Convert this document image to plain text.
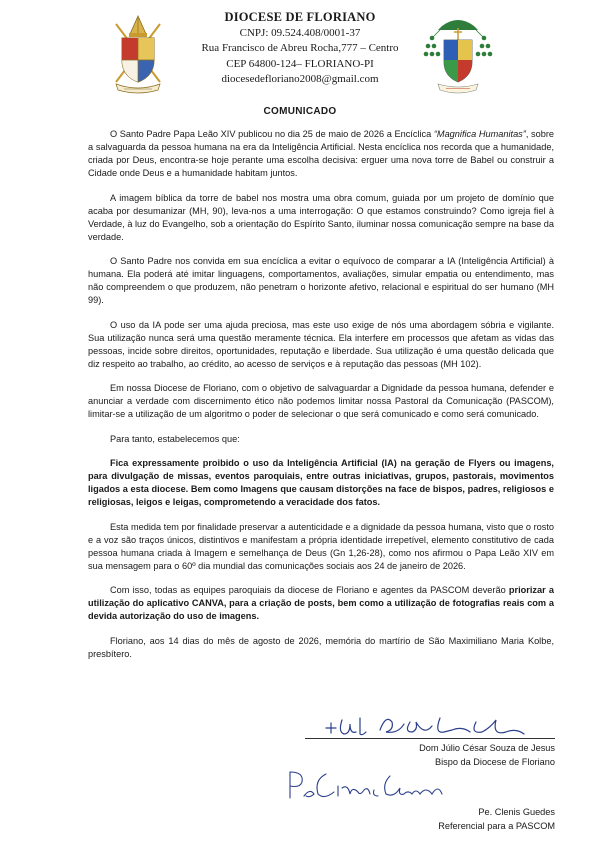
DIOCESE DE FLORIANO
CNPJ: 09.524.408/0001-37
Rua Francisco de Abreu Rocha,777 – Centro
CEP 64800-124– FLORIANO-PI
diocesedefloriano2008@gmail.com
COMUNICADO

O Santo Padre Papa Leão XIV publicou no dia 25 de maio de 2026 a Encíclica “Magnifica Humanitas”, sobre a salvaguarda da pessoa humana na era da Inteligência Artificial. Nesta encíclica nos recorda que a humanidade, criada por Deus, encontra-se hoje perante uma escolha decisiva: erguer uma nova torre de Babel ou construir a Cidade onde Deus e a humanidade habitam juntos.

A imagem bíblica da torre de babel nos mostra uma obra comum, guiada por um projeto de domínio que acaba por desumanizar (MH, 90), leva-nos a uma interrogação: O que estamos construindo? Como igreja fiel à Verdade, à luz do Evangelho, sob a orientação do Espírito Santo, iluminar nossa comunicação sempre na base da verdade.

O Santo Padre nos convida em sua encíclica a evitar o equívoco de comparar a IA (Inteligência Artificial) à humana. Ela poderá até imitar linguagens, comportamentos, avaliações, simular empatia ou entendimento, mas não compreendem o que produzem, não penetram o horizonte afetivo, relacional e espiritual do ser humano (MH 99).

O uso da IA pode ser uma ajuda preciosa, mas este uso exige de nós uma abordagem sóbria e vigilante. Sua utilização nunca será uma questão meramente técnica. Ela interfere em processos que afetam as vidas das pessoas, incide sobre direitos, oportunidades, reputação e liberdade. Sua utilização é uma questão delicada que diz respeito ao trabalho, ao crédito, ao acesso de serviços e à reputação das pessoas (MH 102).

Em nossa Diocese de Floriano, com o objetivo de salvaguardar a Dignidade da pessoa humana, defender e anunciar a verdade com discernimento ético não podemos limitar nossa Pastoral da Comunicação (PASCOM), limitar-se a utilização de um algoritmo o poder de selecionar o que será comunicado e como será comunicado.

Para tanto, estabelecemos que:

Fica expressamente proibido o uso da Inteligência Artificial (IA) na geração de Flyers ou imagens, para divulgação de missas, eventos paroquiais, entre outras iniciativas, grupos, pastorais, movimentos ligados a esta diocese. Bem como Imagens que causam distorções na face de bispos, padres, religiosos e religiosas, leigos e leigas, comprometendo a veracidade dos fatos.

Esta medida tem por finalidade preservar a autenticidade e a dignidade da pessoa humana, visto que o rosto e a voz são traços únicos, distintivos e manifestam a própria identidade irrepetível, elemento constitutivo de cada pessoa humana criada à Imagem e semelhança de Deus (Gn 1,26-28), como nos afirmou o Papa Leão XIV em sua mensagem para o 60º dia mundial das comunicações sociais aos 24 de janeiro de 2026.

Com isso, todas as equipes paroquiais da diocese de Floriano e agentes da PASCOM deverão priorizar a utilização do aplicativo CANVA, para a criação de posts, bem como a utilização de fotografias reais com a devida autorização do uso de imagens.

Floriano, aos 14 dias do mês de agosto de 2026, memória do martírio de São Maximiliano Maria Kolbe, presbítero.

Dom Júlio César Souza de Jesus
Bispo da Diocese de Floriano
Pe. Clenis Guedes
Referencial para a PASCOM
